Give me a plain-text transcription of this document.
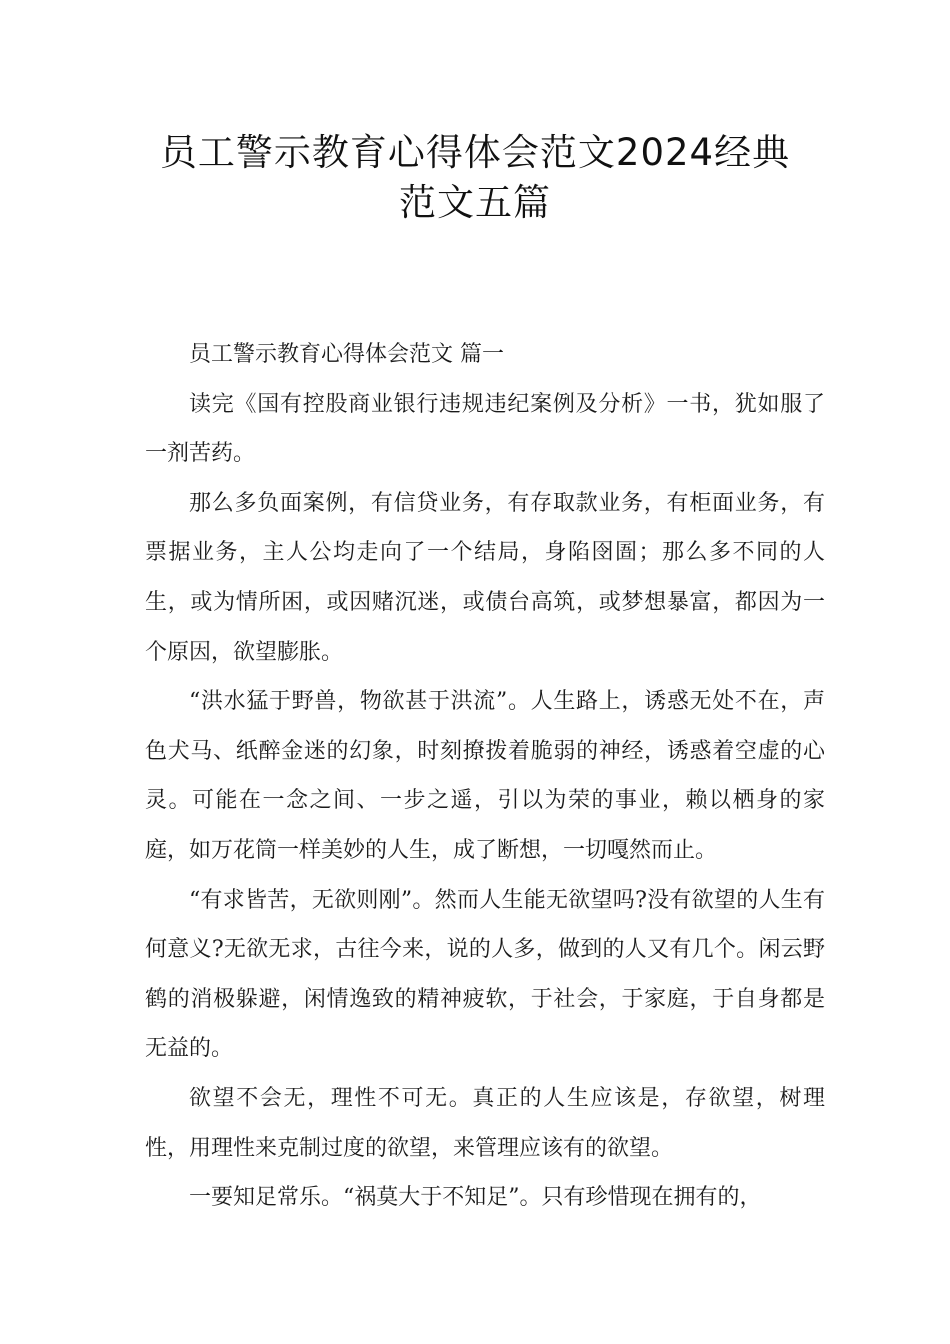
员工警示教育心得体会范文2024经典
范文五篇

员工警示教育心得体会范文 篇一

读完《国有控股商业银行违规违纪案例及分析》一书，犹如服了一剂苦药。

那么多负面案例，有信贷业务，有存取款业务，有柜面业务，有票据业务，主人公均走向了一个结局，身陷囹圄；那么多不同的人生，或为情所困，或因赌沉迷，或债台高筑，或梦想暴富，都因为一个原因，欲望膨胀。

“洪水猛于野兽，物欲甚于洪流”。人生路上，诱惑无处不在，声色犬马、纸醉金迷的幻象，时刻撩拨着脆弱的神经，诱惑着空虚的心灵。可能在一念之间、一步之遥，引以为荣的事业，赖以栖身的家庭，如万花筒一样美妙的人生，成了断想，一切嘎然而止。

“有求皆苦，无欲则刚”。然而人生能无欲望吗?没有欲望的人生有何意义?无欲无求，古往今来，说的人多，做到的人又有几个。闲云野鹤的消极躲避，闲情逸致的精神疲软，于社会，于家庭，于自身都是无益的。

欲望不会无，理性不可无。真正的人生应该是，存欲望，树理性，用理性来克制过度的欲望，来管理应该有的欲望。

一要知足常乐。“祸莫大于不知足”。只有珍惜现在拥有的，
